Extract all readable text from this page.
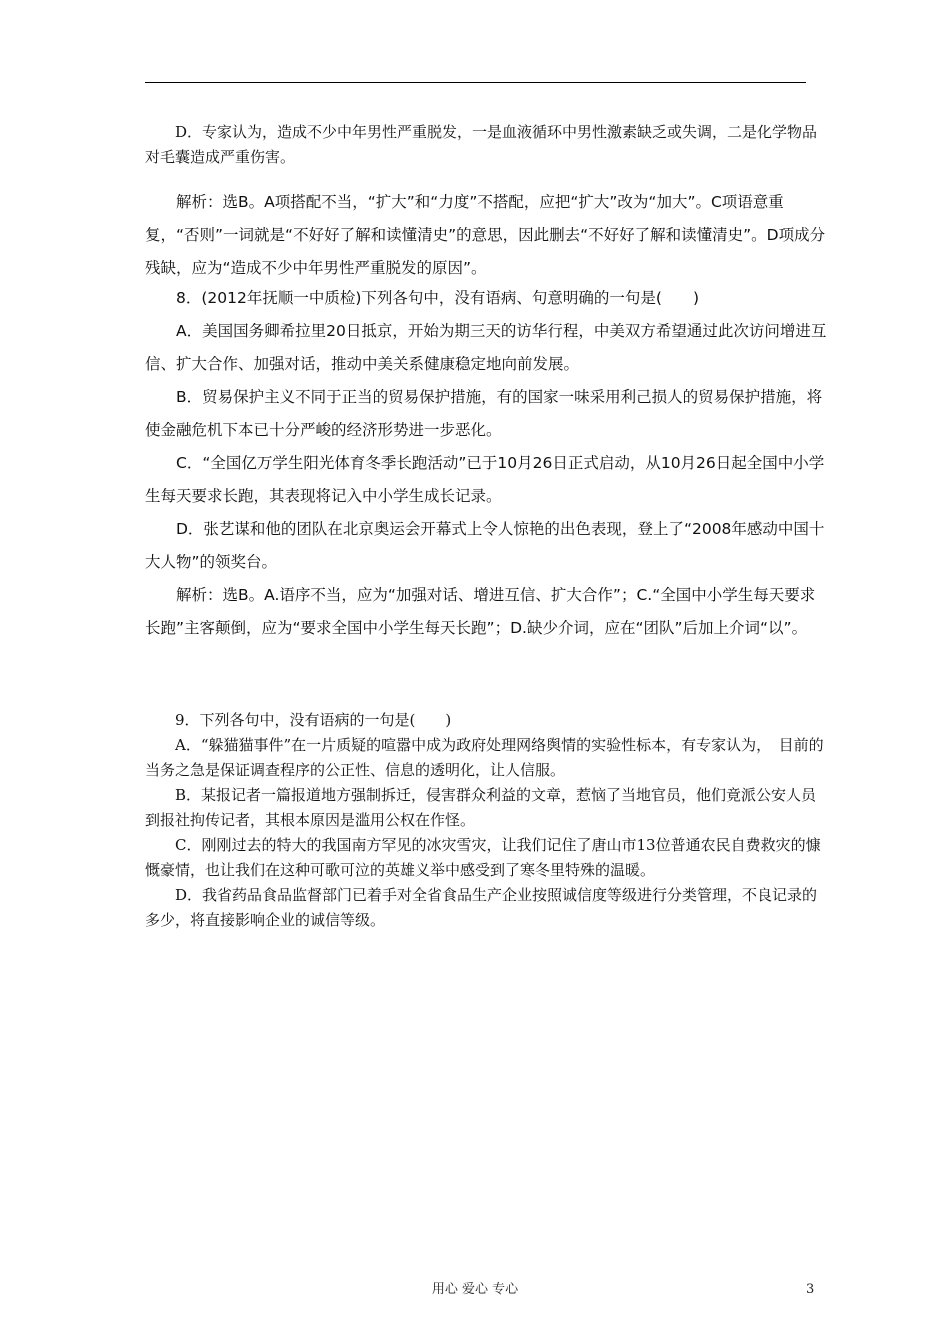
D．专家认为，造成不少中年男性严重脱发，一是血液循环中男性激素缺乏或失调，二是化学物品对毛囊造成严重伤害。

解析：选B。A项搭配不当，“扩大”和“力度”不搭配，应把“扩大”改为“加大”。C项语意重复，“否则”一词就是“不好好了解和读懂清史”的意思，因此删去“不好好了解和读懂清史”。D项成分残缺，应为“造成不少中年男性严重脱发的原因”。

8．(2012年抚顺一中质检)下列各句中，没有语病、句意明确的一句是(　　)

A．美国国务卿希拉里20日抵京，开始为期三天的访华行程，中美双方希望通过此次访问增进互信、扩大合作、加强对话，推动中美关系健康稳定地向前发展。

B．贸易保护主义不同于正当的贸易保护措施，有的国家一味采用利己损人的贸易保护措施，将使金融危机下本已十分严峻的经济形势进一步恶化。

C．“全国亿万学生阳光体育冬季长跑活动”已于10月26日正式启动，从10月26日起全国中小学生每天要求长跑，其表现将记入中小学生成长记录。

D．张艺谋和他的团队在北京奥运会开幕式上令人惊艳的出色表现，登上了“2008年感动中国十大人物”的领奖台。

解析：选B。A.语序不当，应为“加强对话、增进互信、扩大合作”；C.“全国中小学生每天要求长跑”主客颠倒，应为“要求全国中小学生每天长跑”；D.缺少介词，应在“团队”后加上介词“以”。

9．下列各句中，没有语病的一句是(　　)

A．“躲猫猫事件”在一片质疑的喧嚣中成为政府处理网络舆情的实验性标本，有专家认为，　目前的当务之急是保证调查程序的公正性、信息的透明化，让人信服。

B．某报记者一篇报道地方强制拆迁，侵害群众利益的文章，惹恼了当地官员，他们竟派公安人员到报社拘传记者，其根本原因是滥用公权在作怪。

C．刚刚过去的特大的我国南方罕见的冰灾雪灾，让我们记住了唐山市13位普通农民自费救灾的慷慨豪情，也让我们在这种可歌可泣的英雄义举中感受到了寒冬里特殊的温暖。

D．我省药品食品监督部门已着手对全省食品生产企业按照诚信度等级进行分类管理，不良记录的多少，将直接影响企业的诚信等级。

用心 爱心 专心	3
